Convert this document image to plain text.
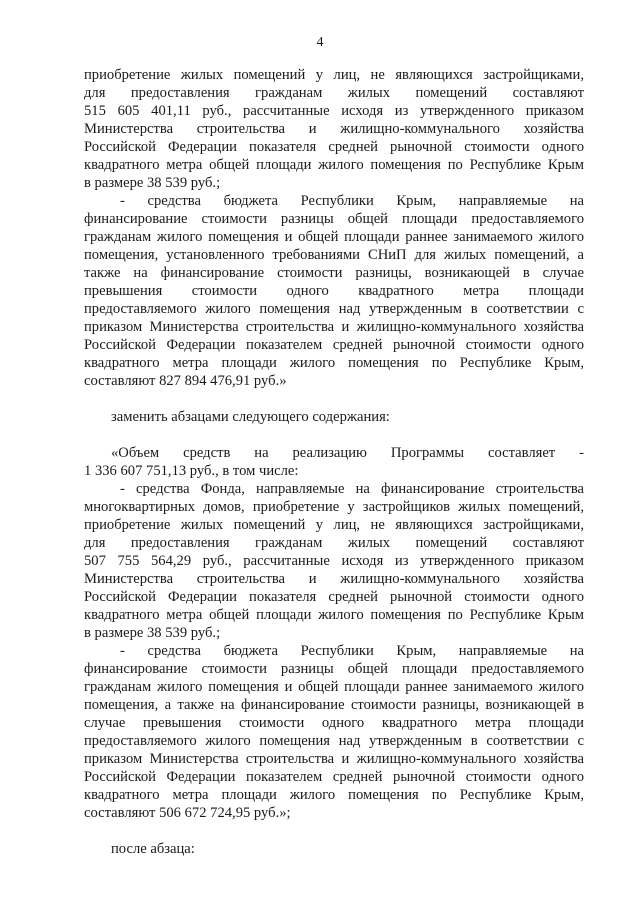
4
приобретение жилых помещений у лиц, не являющихся застройщиками,
для предоставления гражданам жилых помещений составляют
515 605 401,11 руб., рассчитанные исходя из утвержденного приказом
Министерства строительства и жилищно-коммунального хозяйства
Российской Федерации показателя средней рыночной стоимости одного
квадратного метра общей площади жилого помещения по Республике Крым
в размере 38 539 руб.;
- средства бюджета Республики Крым, направляемые на
финансирование стоимости разницы общей площади предоставляемого
гражданам жилого помещения и общей площади раннее занимаемого жилого
помещения, установленного требованиями СНиП для жилых помещений, а
также на финансирование стоимости разницы, возникающей в случае
превышения стоимости одного квадратного метра площади
предоставляемого жилого помещения над утвержденным в соответствии с
приказом Министерства строительства и жилищно-коммунального хозяйства
Российской Федерации показателем средней рыночной стоимости одного
квадратного метра площади жилого помещения по Республике Крым,
составляют 827 894 476,91 руб.»
заменить абзацами следующего содержания:
«Объем средств на реализацию Программы составляет -
1 336 607 751,13 руб., в том числе:
- средства Фонда, направляемые на финансирование строительства
многоквартирных домов, приобретение у застройщиков жилых помещений,
приобретение жилых помещений у лиц, не являющихся застройщиками,
для предоставления гражданам жилых помещений составляют
507 755 564,29 руб., рассчитанные исходя из утвержденного приказом
Министерства строительства и жилищно-коммунального хозяйства
Российской Федерации показателя средней рыночной стоимости одного
квадратного метра общей площади жилого помещения по Республике Крым
в размере 38 539 руб.;
- средства бюджета Республики Крым, направляемые на
финансирование стоимости разницы общей площади предоставляемого
гражданам жилого помещения и общей площади раннее занимаемого жилого
помещения, а также на финансирование стоимости разницы, возникающей в
случае превышения стоимости одного квадратного метра площади
предоставляемого жилого помещения над утвержденным в соответствии с
приказом Министерства строительства и жилищно-коммунального хозяйства
Российской Федерации показателем средней рыночной стоимости одного
квадратного метра площади жилого помещения по Республике Крым,
составляют 506 672 724,95 руб.»;
после абзаца:
